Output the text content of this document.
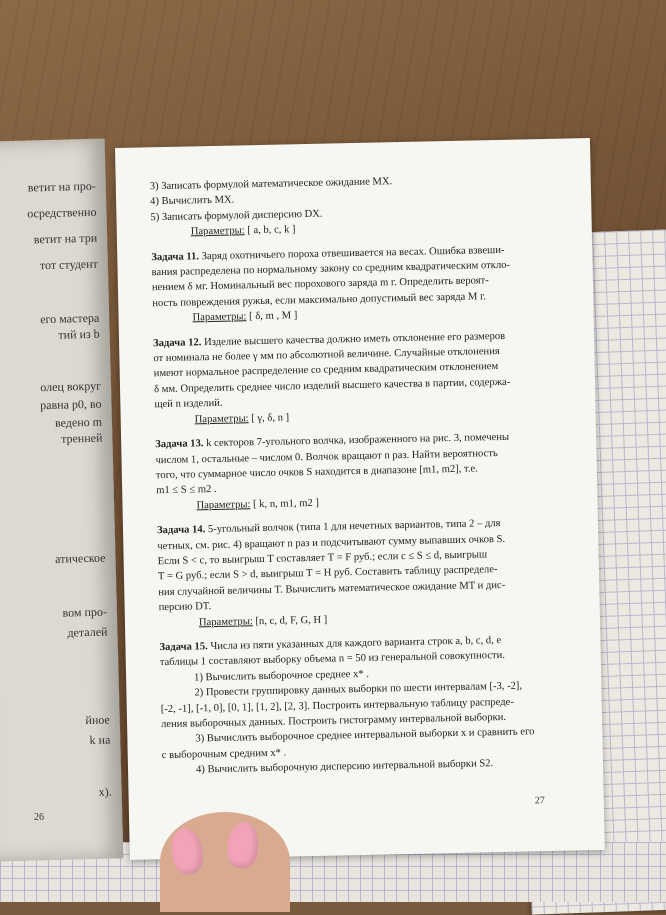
ветит на про-
осредственно
ветит на три
тот студент
его мастера
тий из b
олец вокруг
равна p0, во
ведено m
тренней
атическое
вом про-
деталей
йное
k на
x).
26
3) Записать формулой математическое ожидание MX.
4) Вычислить MX.
5) Записать формулой дисперсию DX.
Параметры: [ a, b, c, k ]
Задача 11. Заряд охотничьего пороха отвешивается на весах. Ошибка взвеши-
вания распределена по нормальному закону со средним квадратическим откло-
нением δ мг. Номинальный вес порохового заряда m г. Определить вероят-
ность повреждения ружья, если максимально допустимый вес заряда M г.
Параметры: [ δ, m , M ]
Задача 12. Изделие высшего качества должно иметь отклонение его размеров
от номинала не более γ мм по абсолютной величине. Случайные отклонения
имеют нормальное распределение со средним квадратическим отклонением
δ мм. Определить среднее число изделий высшего качества в партии, содержа-
щей n изделий.
Параметры: [ γ, δ, n ]
Задача 13. k секторов 7-угольного волчка, изображенного на рис. 3, помечены
числом 1, остальные – числом 0. Волчок вращают n раз. Найти вероятность
того, что суммарное число очков S находится в диапазоне [m1, m2], т.е.
m1 ≤ S ≤ m2 .
Параметры: [ k, n, m1, m2 ]
Задача 14. 5-угольный волчок (типа 1 для нечетных вариантов, типа 2 – для
четных, см. рис. 4) вращают n раз и подсчитывают сумму выпавших очков S.
Если S < c, то выигрыш T составляет T = F руб.; если c ≤ S ≤ d, выигрыш
T = G руб.; если S > d, выигрыш T = H руб. Составить таблицу распределе-
ния случайной величины T. Вычислить математическое ожидание MT и дис-
персию DT.
Параметры: [n, c, d, F, G, H ]
Задача 15. Числа из пяти указанных для каждого варианта строк a, b, c, d, e
таблицы 1 составляют выборку объема n = 50 из генеральной совокупности.
1) Вычислить выборочное среднее x* .
2) Провести группировку данных выборки по шести интервалам [-3, -2],
[-2, -1], [-1, 0], [0, 1], [1, 2], [2, 3]. Построить интервальную таблицу распреде-
ления выборочных данных. Построить гистограмму интервальной выборки.
3) Вычислить выборочное среднее интервальной выборки x и сравнить его
с выборочным средним x* .
4) Вычислить выборочную дисперсию интервальной выборки S2.
27
